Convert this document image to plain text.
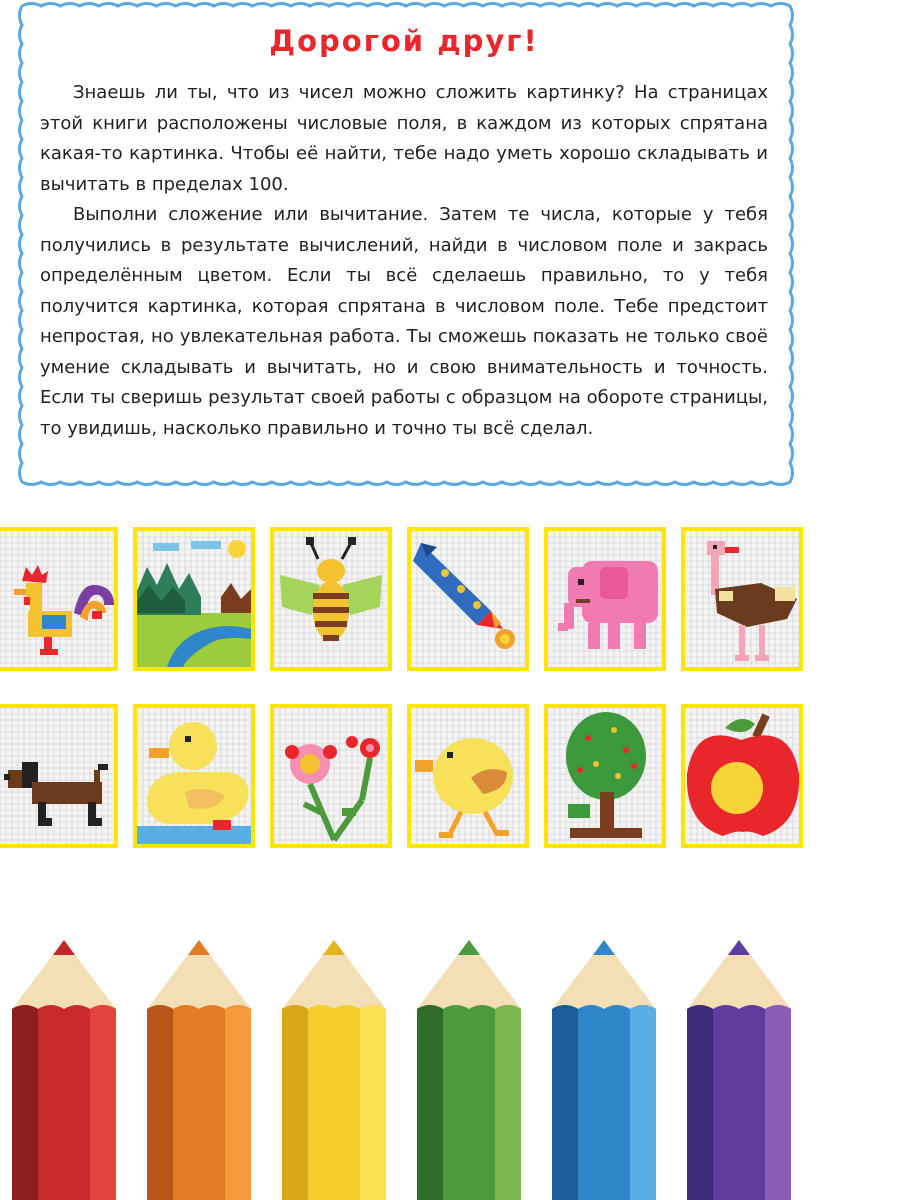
Дорогой друг!

Знаешь ли ты, что из чисел можно сложить картинку? На страницах этой книги расположены числовые поля, в каждом из которых спрятана какая-то картинка. Чтобы её найти, тебе надо уметь хорошо складывать и вычитать в пределах 100.

Выполни сложение или вычитание. Затем те числа, которые у тебя получились в результате вычислений, найди в числовом поле и закрась определённым цветом. Если ты всё сделаешь правильно, то у тебя получится картинка, которая спрятана в числовом поле. Тебе предстоит непростая, но увлекательная работа. Ты сможешь показать не только своё умение складывать и вычитать, но и свою внимательность и точность. Если ты сверишь результат своей работы с образцом на обороте страницы, то увидишь, насколько правильно и точно ты всё сделал.
